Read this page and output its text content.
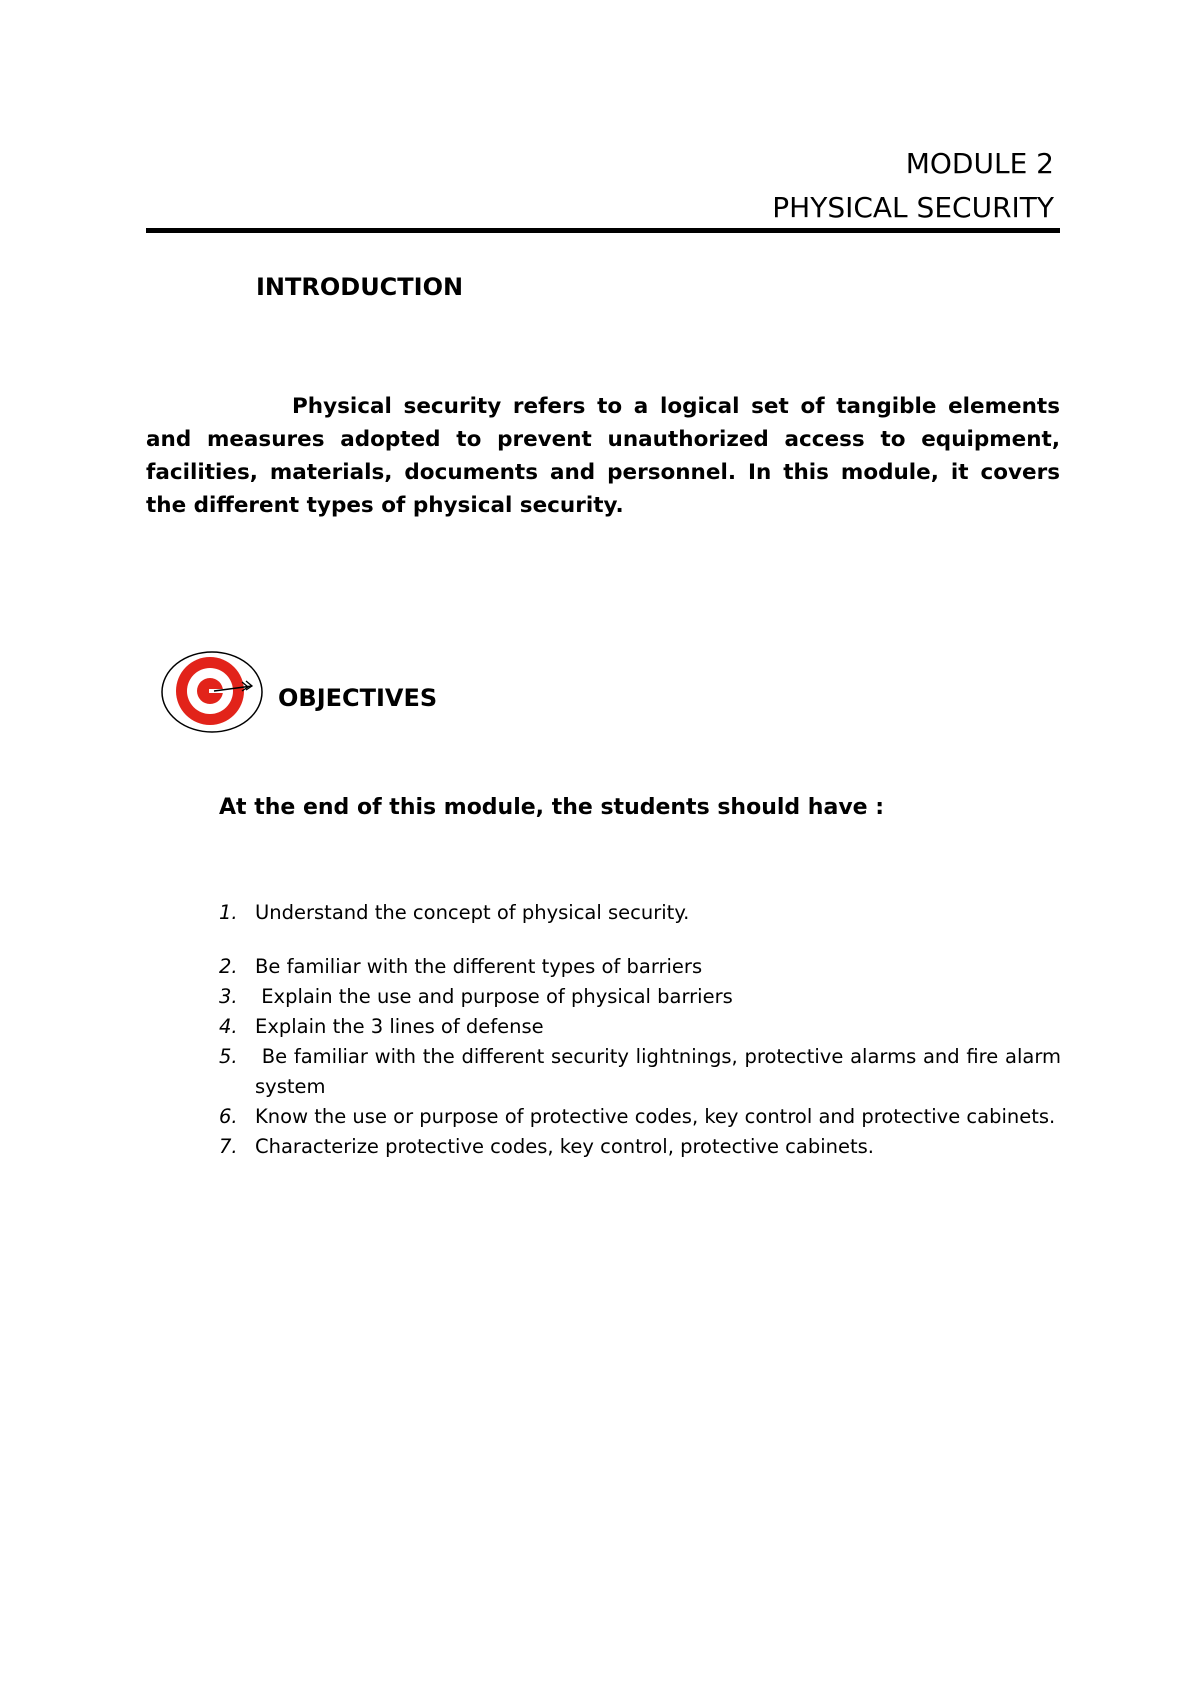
MODULE 2
PHYSICAL SECURITY
INTRODUCTION

Physical security refers to a logical set of tangible elements and measures adopted to prevent unauthorized access to equipment, facilities, materials, documents and personnel. In this module, it covers the different types of physical security.

OBJECTIVES
At the end of this module, the students should have :
1. Understand the concept of physical security.
2. Be familiar with the different types of barriers
3. Explain the use and purpose of physical barriers
4. Explain the 3 lines of defense
5. Be familiar with the different security lightnings, protective alarms and fire alarm system
6. Know the use or purpose of protective codes, key control and protective cabinets.
7. Characterize protective codes, key control, protective cabinets.
